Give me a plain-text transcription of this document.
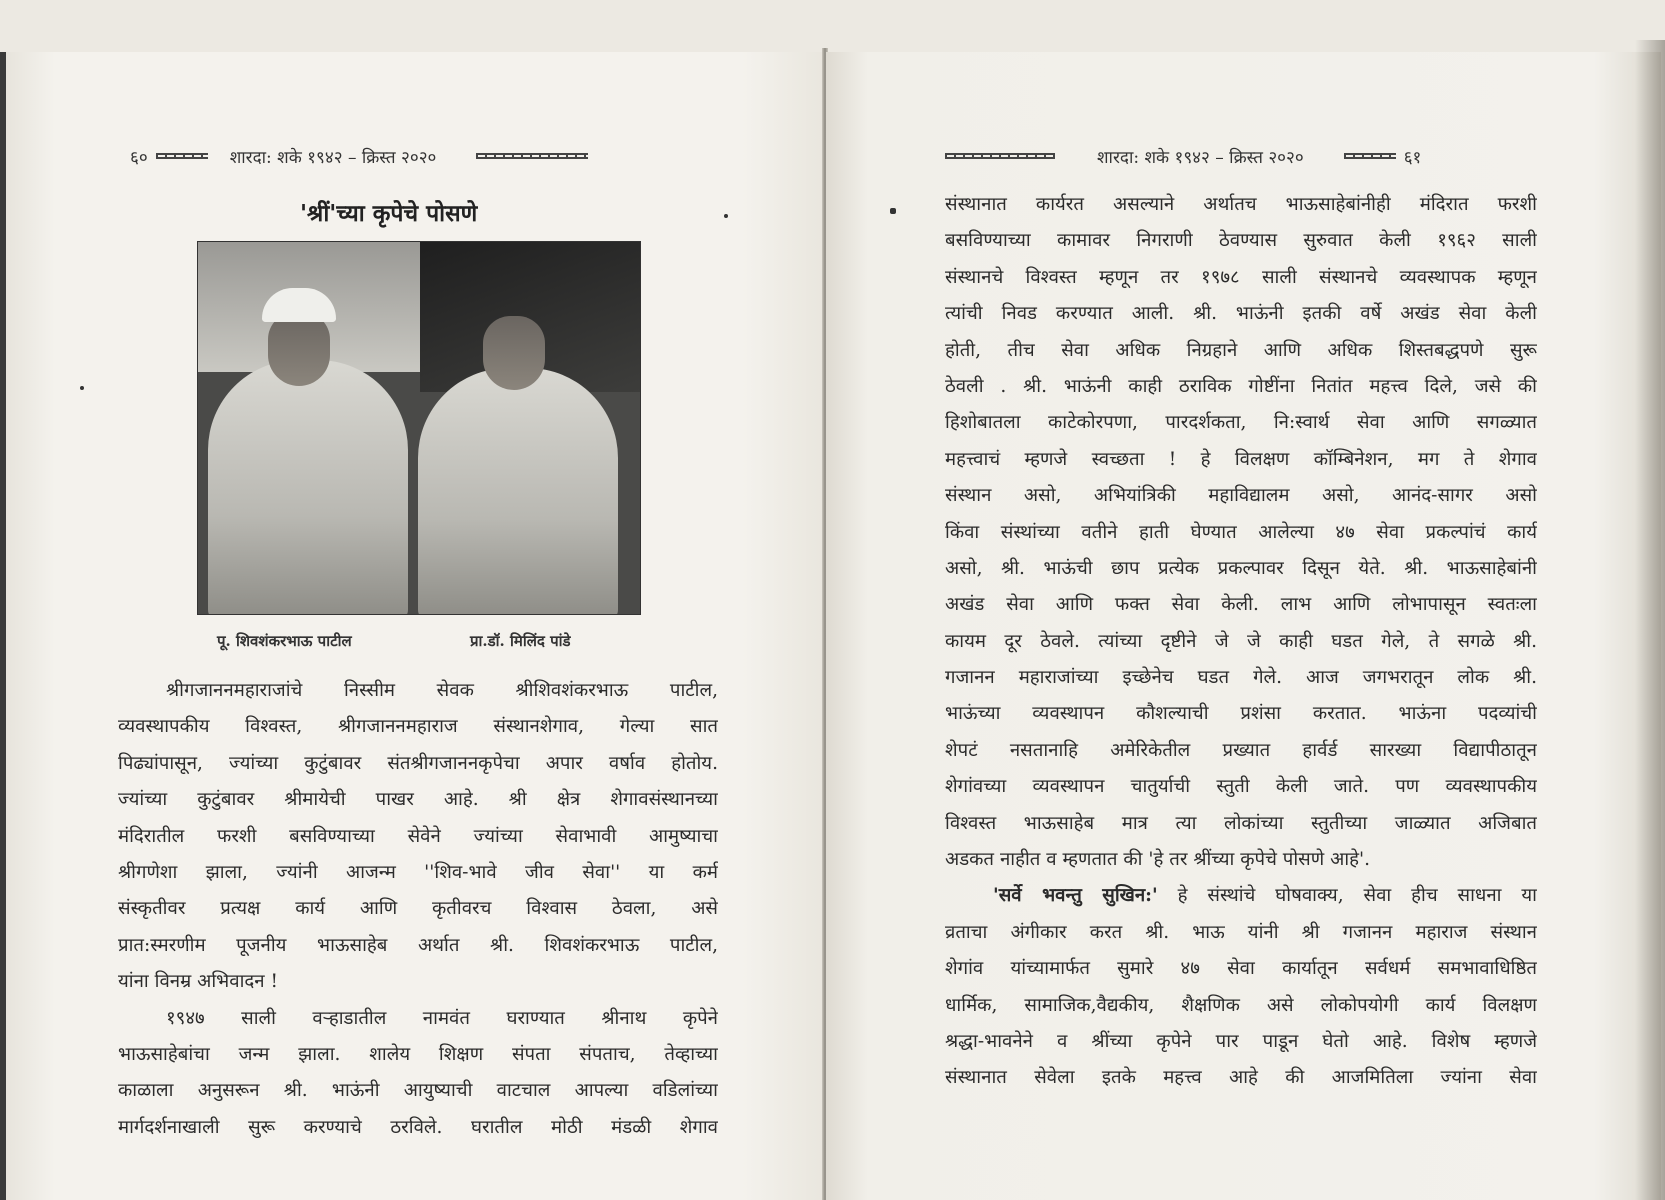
६०	शारदा: शके १९४२ – क्रिस्त २०२०	शारदा: शके १९४२ – क्रिस्त २०२०	६१
'श्रीं'च्या कृपेचे पोसणे
पू. शिवशंकरभाऊ पाटील	प्रा.डॉ. मिलिंद पांडे
श्रीगजाननमहाराजांचे निस्सीम सेवक श्रीशिवशंकरभाऊ पाटील,
व्यवस्थापकीय विश्वस्त, श्रीगजाननमहाराज संस्थानशेगाव, गेल्या सात
पिढ्यांपासून, ज्यांच्या कुटुंबावर संतश्रीगजाननकृपेचा अपार वर्षाव होतोय.
ज्यांच्या कुटुंबावर श्रीमायेची पाखर आहे. श्री क्षेत्र शेगावसंस्थानच्या
मंदिरातील फरशी बसविण्याच्या सेवेने ज्यांच्या सेवाभावी आमुष्याचा
श्रीगणेशा झाला, ज्यांनी आजन्म ''शिव-भावे जीव सेवा'' या कर्म
संस्कृतीवर प्रत्यक्ष कार्य आणि कृतीवरच विश्वास ठेवला, असे
प्रात:स्मरणीम पूजनीय भाऊसाहेब अर्थात श्री. शिवशंकरभाऊ पाटील,
यांना विनम्र अभिवादन !
१९४७ साली वऱ्हाडातील नामवंत घराण्यात श्रीनाथ कृपेने
भाऊसाहेबांचा जन्म झाला. शालेय शिक्षण संपता संपताच, तेव्हाच्या
काळाला अनुसरून श्री. भाऊंनी आयुष्याची वाटचाल आपल्या वडिलांच्या
मार्गदर्शनाखाली सुरू करण्याचे ठरविले. घरातील मोठी मंडळी शेगाव
संस्थानात कार्यरत असल्याने अर्थातच भाऊसाहेबांनीही मंदिरात फरशी
बसविण्याच्या कामावर निगराणी ठेवण्यास सुरुवात केली १९६२ साली
संस्थानचे विश्वस्त म्हणून तर १९७८ साली संस्थानचे व्यवस्थापक म्हणून
त्यांची निवड करण्यात आली. श्री. भाऊंनी इतकी वर्षे अखंड सेवा केली
होती, तीच सेवा अधिक निग्रहाने आणि अधिक शिस्तबद्धपणे सुरू
ठेवली . श्री. भाऊंनी काही ठराविक गोष्टींना नितांत महत्त्व दिले, जसे की
हिशोबातला काटेकोरपणा, पारदर्शकता, नि:स्वार्थ सेवा आणि सगळ्यात
महत्त्वाचं म्हणजे स्वच्छता ! हे विलक्षण कॉम्बिनेशन, मग ते शेगाव
संस्थान असो, अभियांत्रिकी महाविद्यालम असो, आनंद-सागर असो
किंवा संस्थांच्या वतीने हाती घेण्यात आलेल्या ४७ सेवा प्रकल्पांचं कार्य
असो, श्री. भाऊंची छाप प्रत्येक प्रकल्पावर दिसून येते. श्री. भाऊसाहेबांनी
अखंड सेवा आणि फक्त सेवा केली. लाभ आणि लोभापासून स्वतःला
कायम दूर ठेवले. त्यांच्या दृष्टीने जे जे काही घडत गेले, ते सगळे श्री.
गजानन महाराजांच्या इच्छेनेच घडत गेले. आज जगभरातून लोक श्री.
भाऊंच्या व्यवस्थापन कौशल्याची प्रशंसा करतात. भाऊंना पदव्यांची
शेपटं नसतानाहि अमेरिकेतील प्रख्यात हार्वर्ड सारख्या विद्यापीठातून
शेगांवच्या व्यवस्थापन चातुर्याची स्तुती केली जाते. पण व्यवस्थापकीय
विश्वस्त भाऊसाहेब मात्र त्या लोकांच्या स्तुतीच्या जाळ्यात अजिबात
अडकत नाहीत व म्हणतात की 'हे तर श्रींच्या कृपेचे पोसणे आहे'.
'सर्वे भवन्तु सुखिन:' हे संस्थांचे घोषवाक्य, सेवा हीच साधना या
व्रताचा अंगीकार करत श्री. भाऊ यांनी श्री गजानन महाराज संस्थान
शेगांव यांच्यामार्फत सुमारे ४७ सेवा कार्यातून सर्वधर्म समभावाधिष्ठित
धार्मिक, सामाजिक,वैद्यकीय, शैक्षणिक असे लोकोपयोगी कार्य विलक्षण
श्रद्धा-भावनेने व श्रींच्या कृपेने पार पाडून घेतो आहे. विशेष म्हणजे
संस्थानात सेवेला इतके महत्त्व आहे की आजमितिला ज्यांना सेवा
